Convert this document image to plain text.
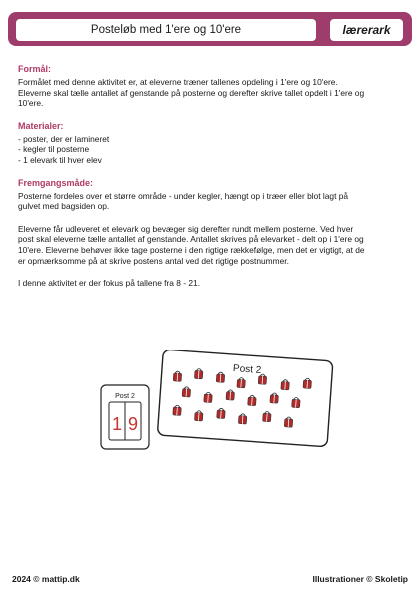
Posteløb med 1'ere og 10'ere	lærerark

Formål:

Formålet med denne aktivitet er, at eleverne træner tallenes opdeling i 1'ere og 10'ere.

Eleverne skal tælle antallet af genstande på posterne og derefter skrive tallet opdelt i 1'ere og

10'ere.

Materialer:

- poster, der er lamineret
- kegler til posterne
- 1 elevark til hver elev

Fremgangsmåde:

Posterne fordeles over et større område - under kegler, hængt op i træer eller blot lagt på

gulvet med bagsiden op.

Eleverne får udleveret et elevark og bevæger sig derefter rundt mellem posterne. Ved hver

post skal eleverne tælle antallet af genstande. Antallet skrives på elevarket - delt op i 1'ere og

10'ere. Eleverne behøver ikke tage posterne i den rigtige rækkefølge, men det er vigtigt, at de

er opmærksomme på at skrive postens antal ved det rigtige postnummer.

I denne aktivitet er der fokus på tallene fra 8 - 21.

Post 2
1 9
Post 2
2024 © mattip.dk	Illustrationer © Skoletip
